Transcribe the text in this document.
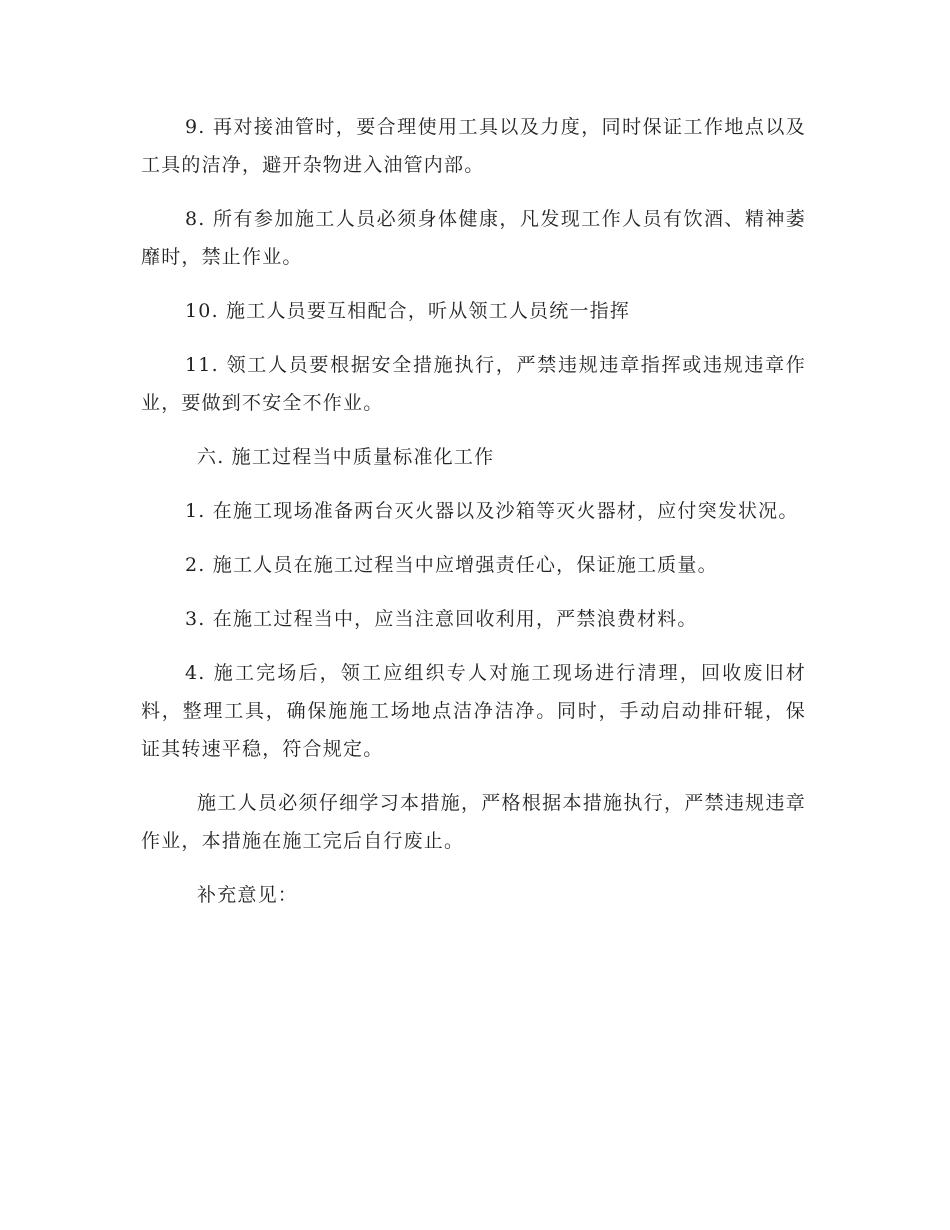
9. 再对接油管时，要合理使用工具以及力度，同时保证工作地点以及工具的洁净，避开杂物进入油管内部。

8. 所有参加施工人员必须身体健康，凡发现工作人员有饮酒、精神萎靡时，禁止作业。

10. 施工人员要互相配合，听从领工人员统一指挥

11. 领工人员要根据安全措施执行，严禁违规违章指挥或违规违章作业，要做到不安全不作业。

六. 施工过程当中质量标准化工作

1. 在施工现场准备两台灭火器以及沙箱等灭火器材，应付突发状况。

2. 施工人员在施工过程当中应增强责任心，保证施工质量。

3. 在施工过程当中，应当注意回收利用，严禁浪费材料。

4. 施工完场后，领工应组织专人对施工现场进行清理，回收废旧材料，整理工具，确保施施工场地点洁净洁净。同时，手动启动排矸辊，保证其转速平稳，符合规定。

施工人员必须仔细学习本措施，严格根据本措施执行，严禁违规违章作业，本措施在施工完后自行废止。

补充意见：
